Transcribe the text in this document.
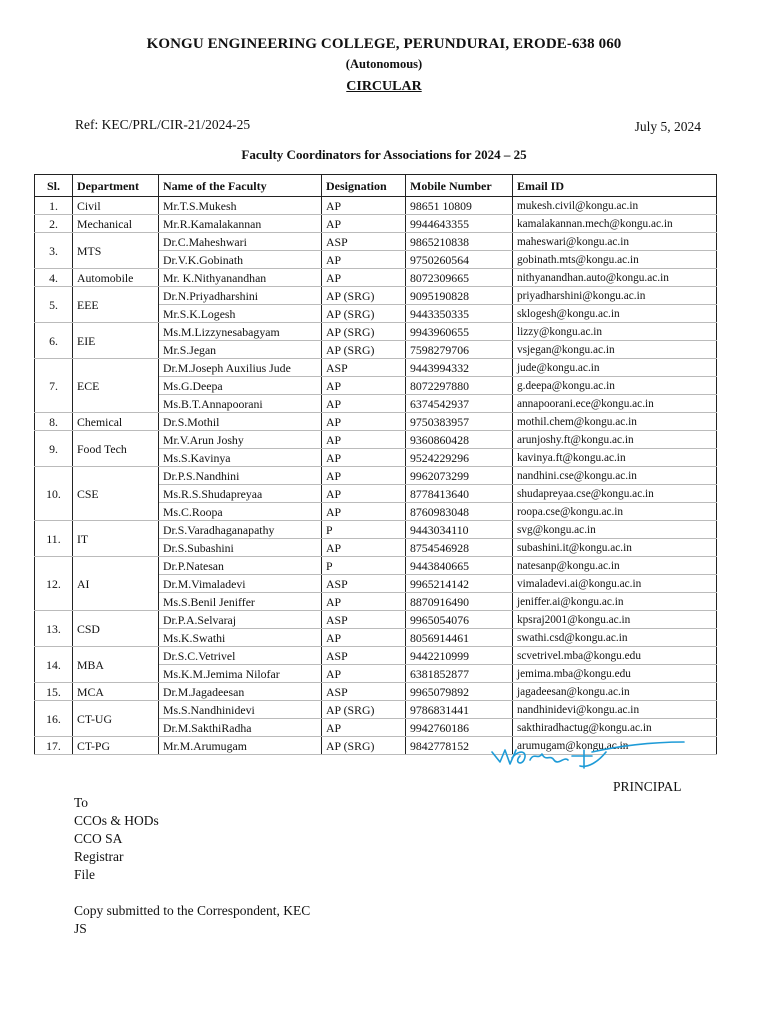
KONGU ENGINEERING COLLEGE, PERUNDURAI, ERODE-638 060
(Autonomous)
CIRCULAR
Ref: KEC/PRL/CIR-21/2024-25	July 5, 2024
Faculty Coordinators for Associations for 2024 – 25
Sl.	Department	Name of the Faculty	Designation	Mobile Number	Email ID
1.	Civil	Mr.T.S.Mukesh	AP	98651 10809	mukesh.civil@kongu.ac.in
2.	Mechanical	Mr.R.Kamalakannan	AP	9944643355	kamalakannan.mech@kongu.ac.in
3.	MTS	Dr.C.Maheshwari	ASP	9865210838	maheswari@kongu.ac.in
		Dr.V.K.Gobinath	AP	9750260564	gobinath.mts@kongu.ac.in
4.	Automobile	Mr. K.Nithyanandhan	AP	8072309665	nithyanandhan.auto@kongu.ac.in
5.	EEE	Dr.N.Priyadharshini	AP (SRG)	9095190828	priyadharshini@kongu.ac.in
		Mr.S.K.Logesh	AP (SRG)	9443350335	sklogesh@kongu.ac.in
6.	EIE	Ms.M.Lizzynesabagyam	AP (SRG)	9943960655	lizzy@kongu.ac.in
		Mr.S.Jegan	AP (SRG)	7598279706	vsjegan@kongu.ac.in
7.	ECE	Dr.M.Joseph Auxilius Jude	ASP	9443994332	jude@kongu.ac.in
		Ms.G.Deepa	AP	8072297880	g.deepa@kongu.ac.in
		Ms.B.T.Annapoorani	AP	6374542937	annapoorani.ece@kongu.ac.in
8.	Chemical	Dr.S.Mothil	AP	9750383957	mothil.chem@kongu.ac.in
9.	Food Tech	Mr.V.Arun Joshy	AP	9360860428	arunjoshy.ft@kongu.ac.in
		Ms.S.Kavinya	AP	9524229296	kavinya.ft@kongu.ac.in
10.	CSE	Dr.P.S.Nandhini	AP	9962073299	nandhini.cse@kongu.ac.in
		Ms.R.S.Shudapreyaa	AP	8778413640	shudapreyaa.cse@kongu.ac.in
		Ms.C.Roopa	AP	8760983048	roopa.cse@kongu.ac.in
11.	IT	Dr.S.Varadhaganapathy	P	9443034110	svg@kongu.ac.in
		Dr.S.Subashini	AP	8754546928	subashini.it@kongu.ac.in
12.	AI	Dr.P.Natesan	P	9443840665	natesanp@kongu.ac.in
		Dr.M.Vimaladevi	ASP	9965214142	vimaladevi.ai@kongu.ac.in
		Ms.S.Benil Jeniffer	AP	8870916490	jeniffer.ai@kongu.ac.in
13.	CSD	Dr.P.A.Selvaraj	ASP	9965054076	kpsraj2001@kongu.ac.in
		Ms.K.Swathi	AP	8056914461	swathi.csd@kongu.ac.in
14.	MBA	Dr.S.C.Vetrivel	ASP	9442210999	scvetrivel.mba@kongu.edu
		Ms.K.M.Jemima Nilofar	AP	6381852877	jemima.mba@kongu.edu
15.	MCA	Dr.M.Jagadeesan	ASP	9965079892	jagadeesan@kongu.ac.in
16.	CT-UG	Ms.S.Nandhinidevi	AP (SRG)	9786831441	nandhinidevi@kongu.ac.in
		Dr.M.SakthiRadha	AP	9942760186	sakthiradhactug@kongu.ac.in
17.	CT-PG	Mr.M.Arumugam	AP (SRG)	9842778152	arumugam@kongu.ac.in
PRINCIPAL
To
CCOs & HODs
CCO SA
Registrar
File
Copy submitted to the Correspondent, KEC
JS
